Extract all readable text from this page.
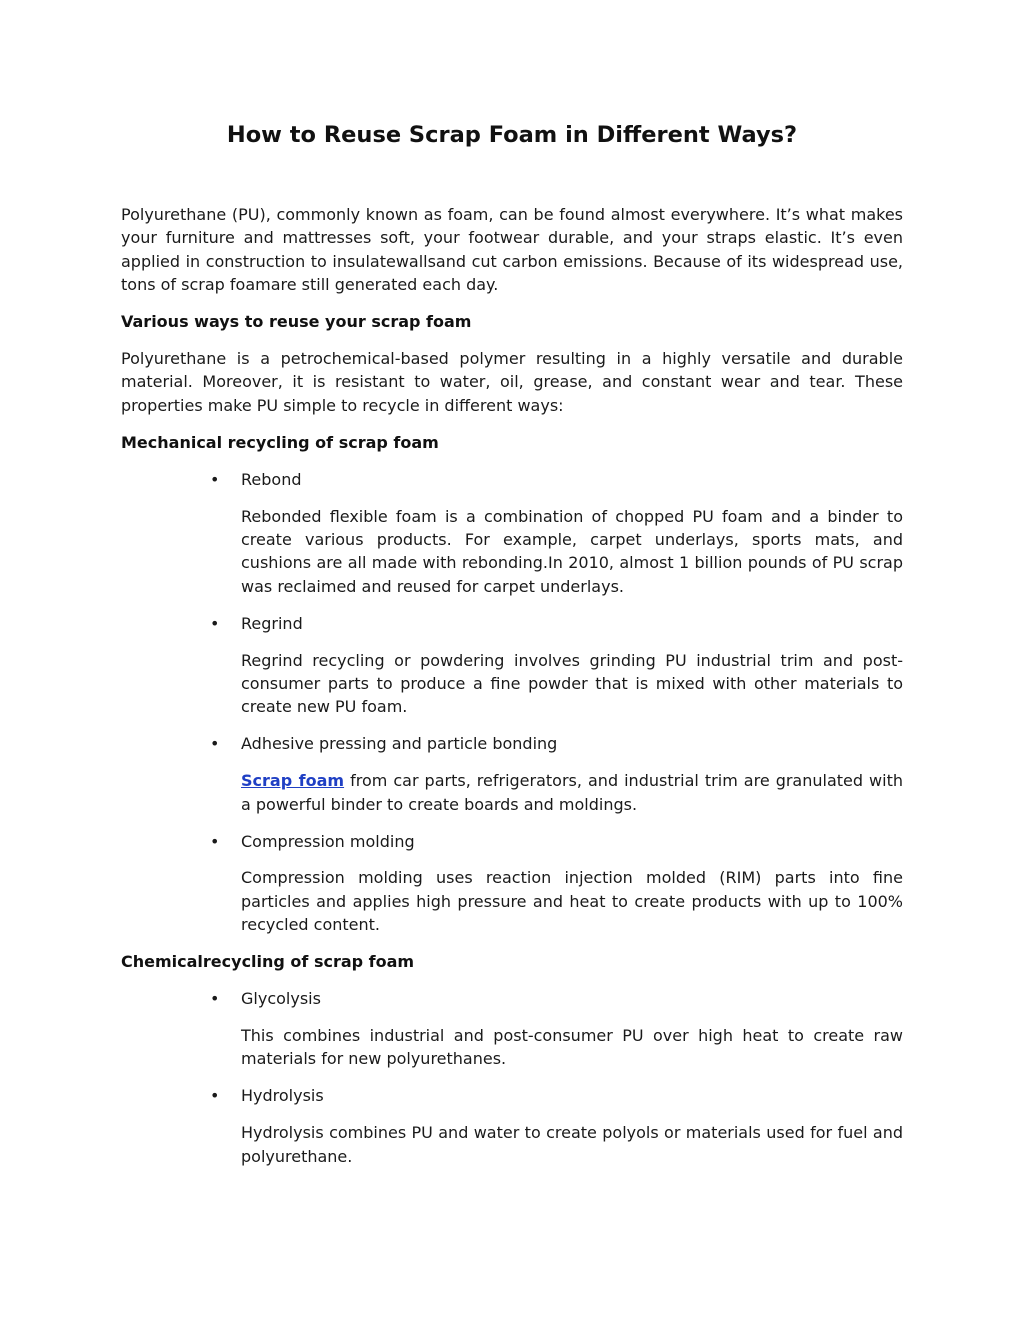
How to Reuse Scrap Foam in Different Ways?

Polyurethane (PU), commonly known as foam, can be found almost everywhere. It’s what makes your furniture and mattresses soft, your footwear durable, and your straps elastic. It’s even applied in construction to insulatewallsand cut carbon emissions. Because of its widespread use, tons of scrap foamare still generated each day.

Various ways to reuse your scrap foam

Polyurethane is a petrochemical-based polymer resulting in a highly versatile and durable material. Moreover, it is resistant to water, oil, grease, and constant wear and tear. These properties make PU simple to recycle in different ways:

Mechanical recycling of scrap foam
• Rebond

Rebonded flexible foam is a combination of chopped PU foam and a binder to create various products. For example, carpet underlays, sports mats, and cushions are all made with rebonding.In 2010, almost 1 billion pounds of PU scrap was reclaimed and reused for carpet underlays.

• Regrind

Regrind recycling or powdering involves grinding PU industrial trim and post-consumer parts to produce a fine powder that is mixed with other materials to create new PU foam.

• Adhesive pressing and particle bonding

Scrap foam from car parts, refrigerators, and industrial trim are granulated with a powerful binder to create boards and moldings.

• Compression molding

Compression molding uses reaction injection molded (RIM) parts into fine particles and applies high pressure and heat to create products with up to 100% recycled content.

Chemicalrecycling of scrap foam
• Glycolysis

This combines industrial and post-consumer PU over high heat to create raw materials for new polyurethanes.

• Hydrolysis

Hydrolysis combines PU and water to create polyols or materials used for fuel and polyurethane.
